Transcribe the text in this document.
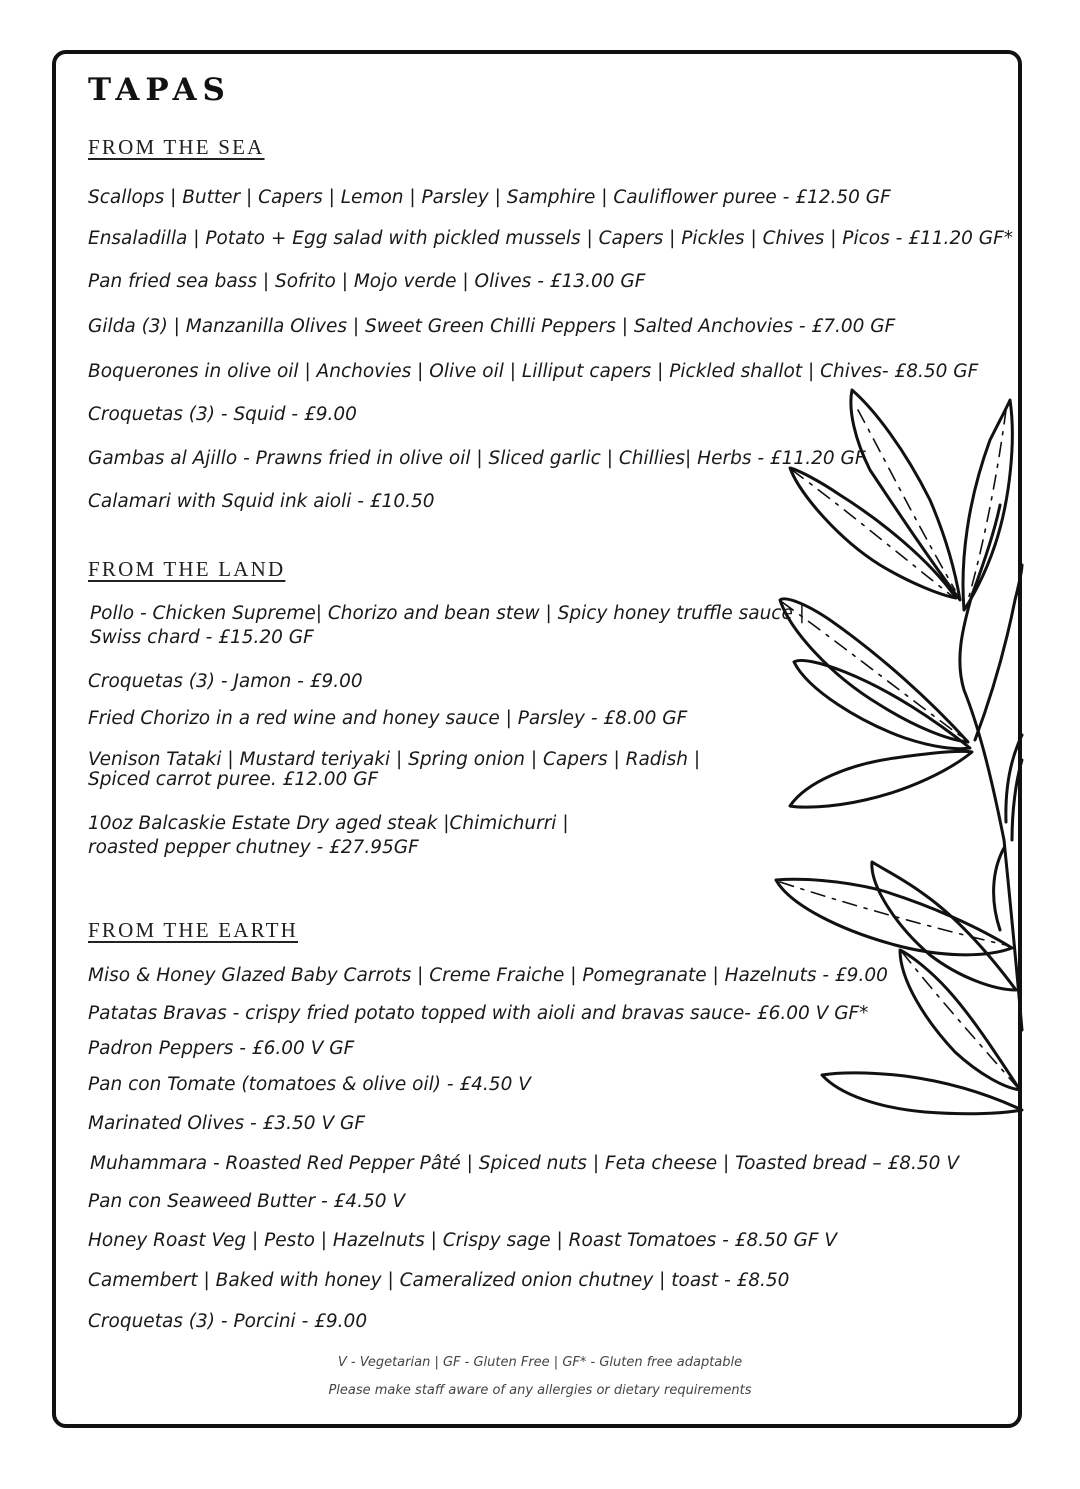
TAPAS
FROM THE SEA
Scallops | Butter | Capers | Lemon | Parsley | Samphire | Cauliflower puree - £12.50 GF
Ensaladilla | Potato + Egg salad with pickled mussels | Capers | Pickles | Chives | Picos - £11.20 GF*
Pan fried sea bass | Sofrito | Mojo verde | Olives - £13.00 GF
Gilda (3) | Manzanilla Olives | Sweet Green Chilli Peppers | Salted Anchovies - £7.00 GF
Boquerones in olive oil | Anchovies | Olive oil | Lilliput capers | Pickled shallot | Chives- £8.50 GF
Croquetas (3) - Squid - £9.00
Gambas al Ajillo - Prawns fried in olive oil | Sliced garlic | Chillies| Herbs - £11.20 GF
Calamari with Squid ink aioli - £10.50
FROM THE LAND
Pollo - Chicken Supreme| Chorizo and bean stew | Spicy honey truffle sauce |
Swiss chard - £15.20 GF
Croquetas (3) - Jamon - £9.00
Fried Chorizo in a red wine and honey sauce | Parsley - £8.00 GF
Venison Tataki | Mustard teriyaki | Spring onion | Capers | Radish |
Spiced carrot puree. £12.00 GF
10oz Balcaskie Estate Dry aged steak |Chimichurri |
roasted pepper chutney - £27.95GF
FROM THE EARTH
Miso & Honey Glazed Baby Carrots | Creme Fraiche | Pomegranate | Hazelnuts - £9.00
Patatas Bravas - crispy fried potato topped with aioli and bravas sauce- £6.00 V GF*
Padron Peppers - £6.00 V GF
Pan con Tomate (tomatoes & olive oil) - £4.50 V
Marinated Olives - £3.50 V GF
Muhammara - Roasted Red Pepper Pâté | Spiced nuts | Feta cheese | Toasted bread – £8.50 V
Pan con Seaweed Butter - £4.50 V
Honey Roast Veg | Pesto | Hazelnuts | Crispy sage | Roast Tomatoes - £8.50 GF V
Camembert | Baked with honey | Cameralized onion chutney | toast - £8.50
Croquetas (3) - Porcini - £9.00

V - Vegetarian | GF - Gluten Free | GF* - Gluten free adaptable

Please make staff aware of any allergies or dietary requirements
